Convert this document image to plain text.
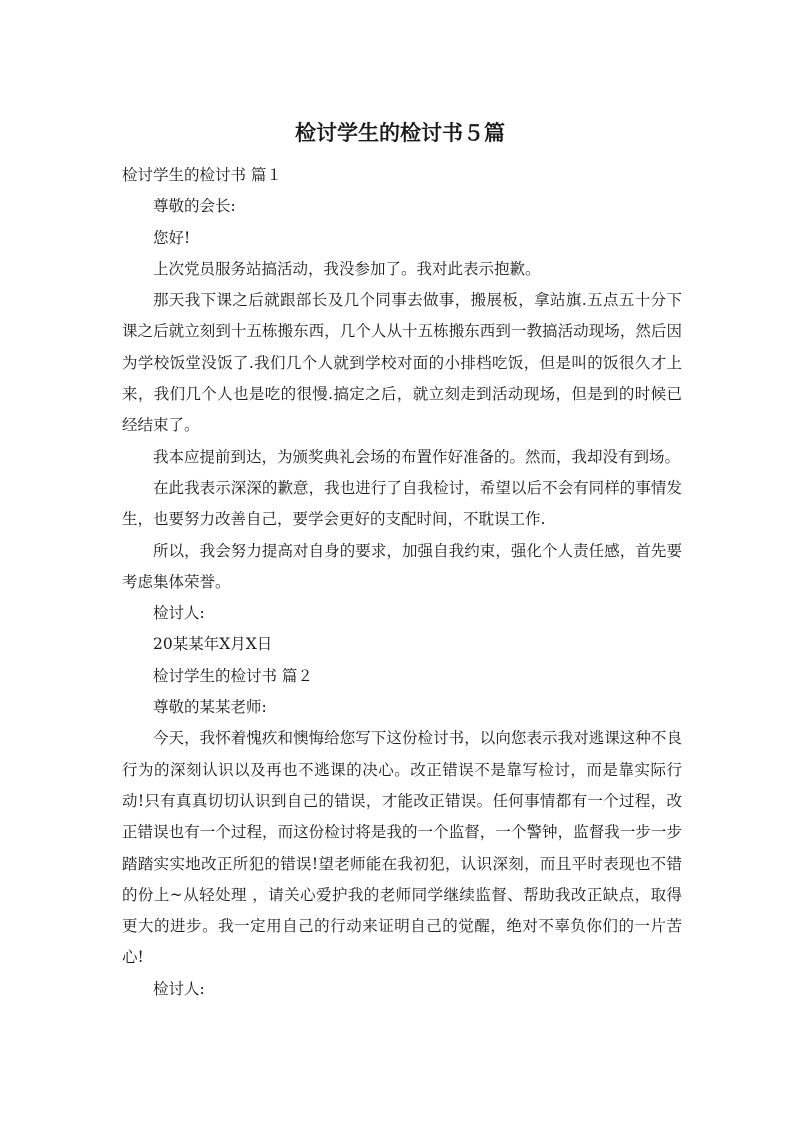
检讨学生的检讨书５篇

检讨学生的检讨书 篇１

尊敬的会长:

您好!

上次党员服务站搞活动，我没参加了。我对此表示抱歉。

那天我下课之后就跟部长及几个同事去做事，搬展板，拿站旗.五点五十分下课之后就立刻到十五栋搬东西，几个人从十五栋搬东西到一教搞活动现场，然后因为学校饭堂没饭了.我们几个人就到学校对面的小排档吃饭，但是叫的饭很久才上来，我们几个人也是吃的很慢.搞定之后，就立刻走到活动现场，但是到的时候已经结束了。

我本应提前到达，为颁奖典礼会场的布置作好准备的。然而，我却没有到场。

在此我表示深深的歉意，我也进行了自我检讨，希望以后不会有同样的事情发生，也要努力改善自己，要学会更好的支配时间，不耽误工作.

所以，我会努力提高对自身的要求，加强自我约束，强化个人责任感，首先要考虑集体荣誉。

检讨人:

20某某年X月X日

检讨学生的检讨书 篇２

尊敬的某某老师:

今天，我怀着愧疚和懊悔给您写下这份检讨书，以向您表示我对逃课这种不良行为的深刻认识以及再也不逃课的决心。改正错误不是靠写检讨，而是靠实际行动!只有真真切切认识到自己的错误，才能改正错误。任何事情都有一个过程，改正错误也有一个过程，而这份检讨将是我的一个监督，一个警钟，监督我一步一步踏踏实实地改正所犯的错误!望老师能在我初犯，认识深刻，而且平时表现也不错的份上~从轻处理 ，请关心爱护我的老师同学继续监督、帮助我改正缺点，取得更大的进步。我一定用自己的行动来证明自己的觉醒，绝对不辜负你们的一片苦心!

检讨人:
